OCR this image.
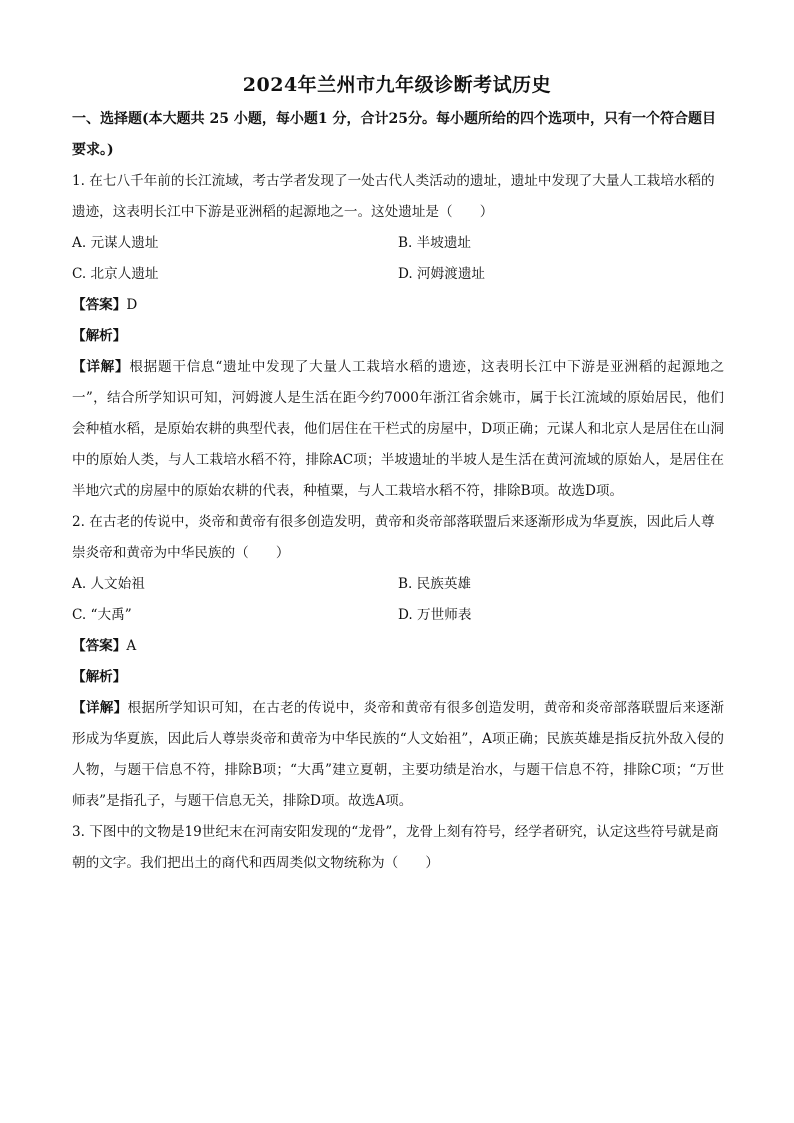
2024年兰州市九年级诊断考试历史

一、选择题(本大题共 25 小题，每小题1 分，合计25分。每小题所给的四个选项中，只有一个符合题目要求。)

1. 在七八千年前的长江流域，考古学者发现了一处古代人类活动的遗址，遗址中发现了大量人工栽培水稻的遗迹，这表明长江中下游是亚洲稻的起源地之一。这处遗址是（　　）

A. 元谋人遗址	B. 半坡遗址
C. 北京人遗址	D. 河姆渡遗址

【答案】D

【解析】

【详解】根据题干信息“遗址中发现了大量人工栽培水稻的遗迹，这表明长江中下游是亚洲稻的起源地之一”，结合所学知识可知，河姆渡人是生活在距今约7000年浙江省余姚市，属于长江流域的原始居民，他们会种植水稻，是原始农耕的典型代表，他们居住在干栏式的房屋中，D项正确；元谋人和北京人是居住在山洞中的原始人类，与人工栽培水稻不符，排除AC项；半坡遗址的半坡人是生活在黄河流域的原始人，是居住在半地穴式的房屋中的原始农耕的代表，种植粟，与人工栽培水稻不符，排除B项。故选D项。

2. 在古老的传说中，炎帝和黄帝有很多创造发明，黄帝和炎帝部落联盟后来逐渐形成为华夏族，因此后人尊崇炎帝和黄帝为中华民族的（　　）

A. 人文始祖	B. 民族英雄
C. “大禹”	D. 万世师表

【答案】A

【解析】

【详解】根据所学知识可知，在古老的传说中，炎帝和黄帝有很多创造发明，黄帝和炎帝部落联盟后来逐渐形成为华夏族，因此后人尊崇炎帝和黄帝为中华民族的“人文始祖”，A项正确；民族英雄是指反抗外敌入侵的人物，与题干信息不符，排除B项；“大禹”建立夏朝，主要功绩是治水，与题干信息不符，排除C项；“万世师表”是指孔子，与题干信息无关，排除D项。故选A项。

3. 下图中的文物是19世纪末在河南安阳发现的“龙骨”，龙骨上刻有符号，经学者研究，认定这些符号就是商朝的文字。我们把出土的商代和西周类似文物统称为（　　）
